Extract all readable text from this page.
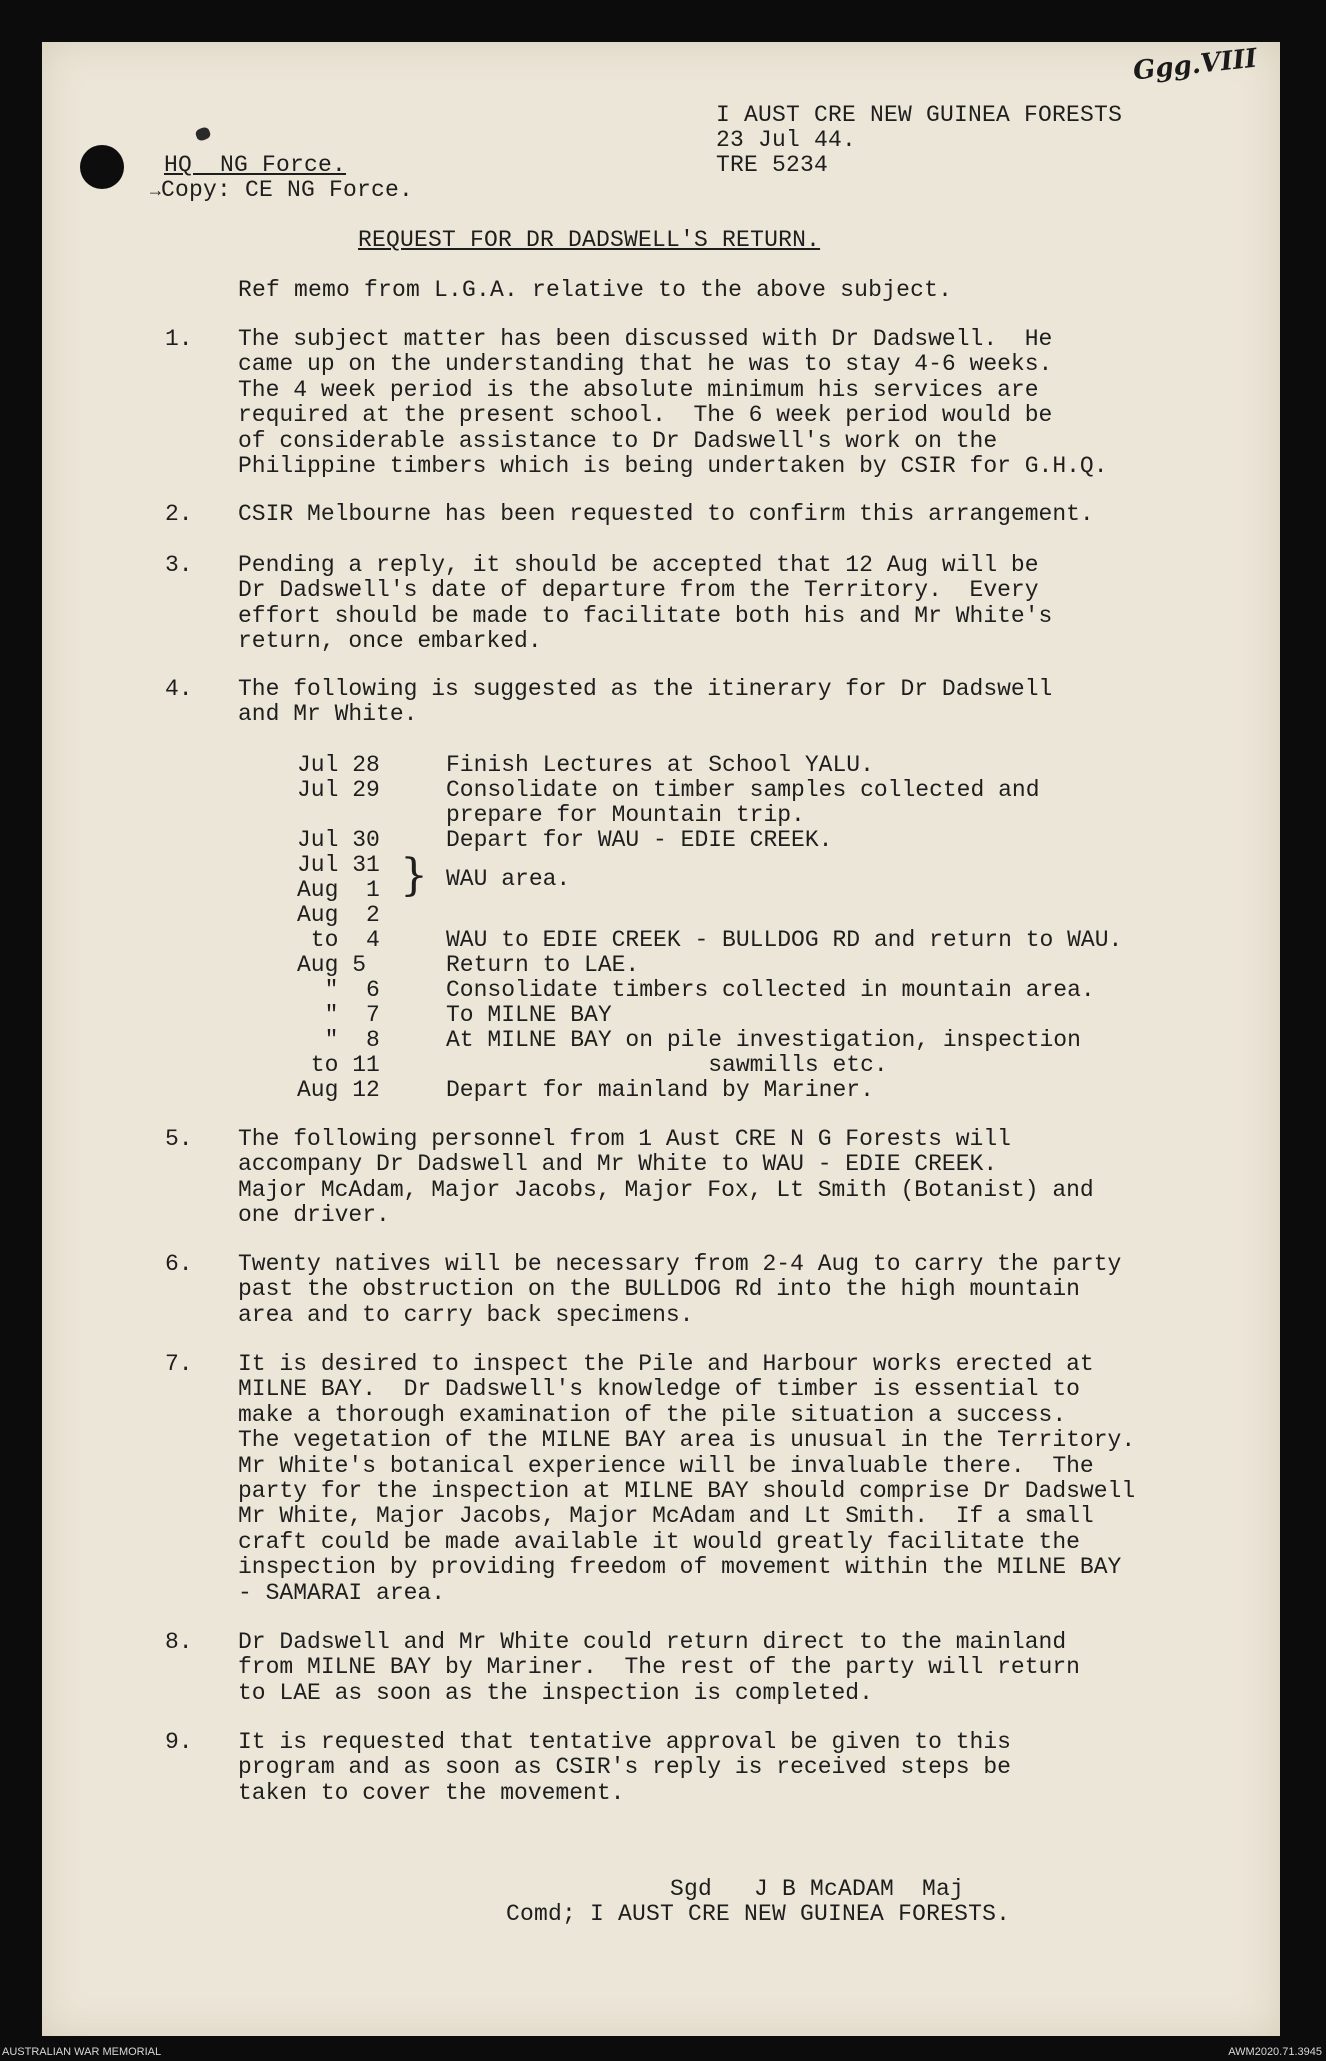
Ggg.VIII
I AUST CRE NEW GUINEA FORESTS
23 Jul 44.
TRE 5234
HQ  NG Force.
→Copy: CE NG Force.
REQUEST FOR DR DADSWELL'S RETURN.
Ref memo from L.G.A. relative to the above subject.
1. The subject matter has been discussed with Dr Dadswell.  He
came up on the understanding that he was to stay 4-6 weeks.
The 4 week period is the absolute minimum his services are
required at the present school.  The 6 week period would be
of considerable assistance to Dr Dadswell's work on the
Philippine timbers which is being undertaken by CSIR for G.H.Q.
2. CSIR Melbourne has been requested to confirm this arrangement.
3. Pending a reply, it should be accepted that 12 Aug will be
Dr Dadswell's date of departure from the Territory.  Every
effort should be made to facilitate both his and Mr White's
return, once embarked.
4. The following is suggested as the itinerary for Dr Dadswell
and Mr White.
5. The following personnel from 1 Aust CRE N G Forests will
accompany Dr Dadswell and Mr White to WAU - EDIE CREEK.
Major McAdam, Major Jacobs, Major Fox, Lt Smith (Botanist) and
one driver.
6. Twenty natives will be necessary from 2-4 Aug to carry the party
past the obstruction on the BULLDOG Rd into the high mountain
area and to carry back specimens.
7. It is desired to inspect the Pile and Harbour works erected at
MILNE BAY.  Dr Dadswell's knowledge of timber is essential to
make a thorough examination of the pile situation a success.
The vegetation of the MILNE BAY area is unusual in the Territory.
Mr White's botanical experience will be invaluable there.  The
party for the inspection at MILNE BAY should comprise Dr Dadswell
Mr White, Major Jacobs, Major McAdam and Lt Smith.  If a small
craft could be made available it would greatly facilitate the
inspection by providing freedom of movement within the MILNE BAY
- SAMARAI area.
8. Dr Dadswell and Mr White could return direct to the mainland
from MILNE BAY by Mariner.  The rest of the party will return
to LAE as soon as the inspection is completed.
9. It is requested that tentative approval be given to this
program and as soon as CSIR's reply is received steps be
taken to cover the movement.
}
Jul 28	Finish Lectures at School YALU.
Jul 29	Consolidate on timber samples collected and
prepare for Mountain trip.
Jul 30	Depart for WAU - EDIE CREEK.
Jul 31
Aug  1	WAU area.
Aug  2
to  4	WAU to EDIE CREEK - BULLDOG RD and return to WAU.
Aug 5	Return to LAE.
"  6	Consolidate timbers collected in mountain area.
"  7	To MILNE BAY
"  8	At MILNE BAY on pile investigation, inspection
to 11	sawmills etc.
Aug 12	Depart for mainland by Mariner.
Sgd   J B McADAM  Maj
Comd; I AUST CRE NEW GUINEA FORESTS.
AUSTRALIAN WAR MEMORIAL	AWM2020.71.3945
